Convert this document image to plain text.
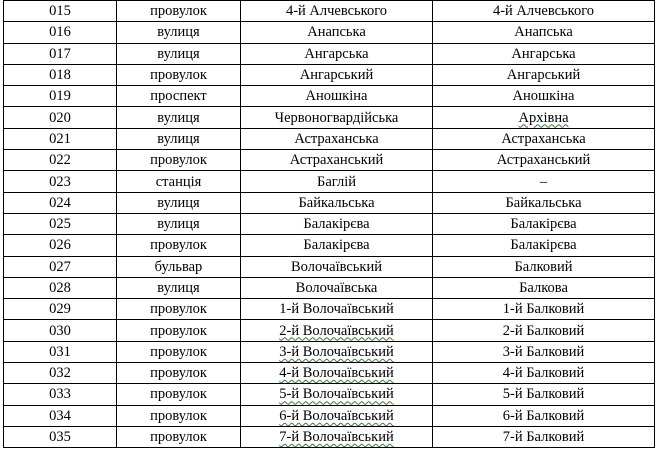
015	провулок	4-й Алчевського	4-й Алчевського
016	вулиця	Анапська	Анапська
017	вулиця	Ангарська	Ангарська
018	провулок	Ангарський	Ангарський
019	проспект	Аношкіна	Аношкіна
020	вулиця	Червоногвардійська	Архівна
021	вулиця	Астраханська	Астраханська
022	провулок	Астраханський	Астраханський
023	станція	Баглій	–
024	вулиця	Байкальська	Байкальська
025	вулиця	Балакірєва	Балакірєва
026	провулок	Балакірєва	Балакірєва
027	бульвар	Волочаївський	Балковий
028	вулиця	Волочаївська	Балкова
029	провулок	1-й Волочаївський	1-й Балковий
030	провулок	2-й Волочаївський	2-й Балковий
031	провулок	3-й Волочаївський	3-й Балковий
032	провулок	4-й Волочаївський	4-й Балковий
033	провулок	5-й Волочаївський	5-й Балковий
034	провулок	6-й Волочаївський	6-й Балковий
035	провулок	7-й Волочаївський	7-й Балковий
